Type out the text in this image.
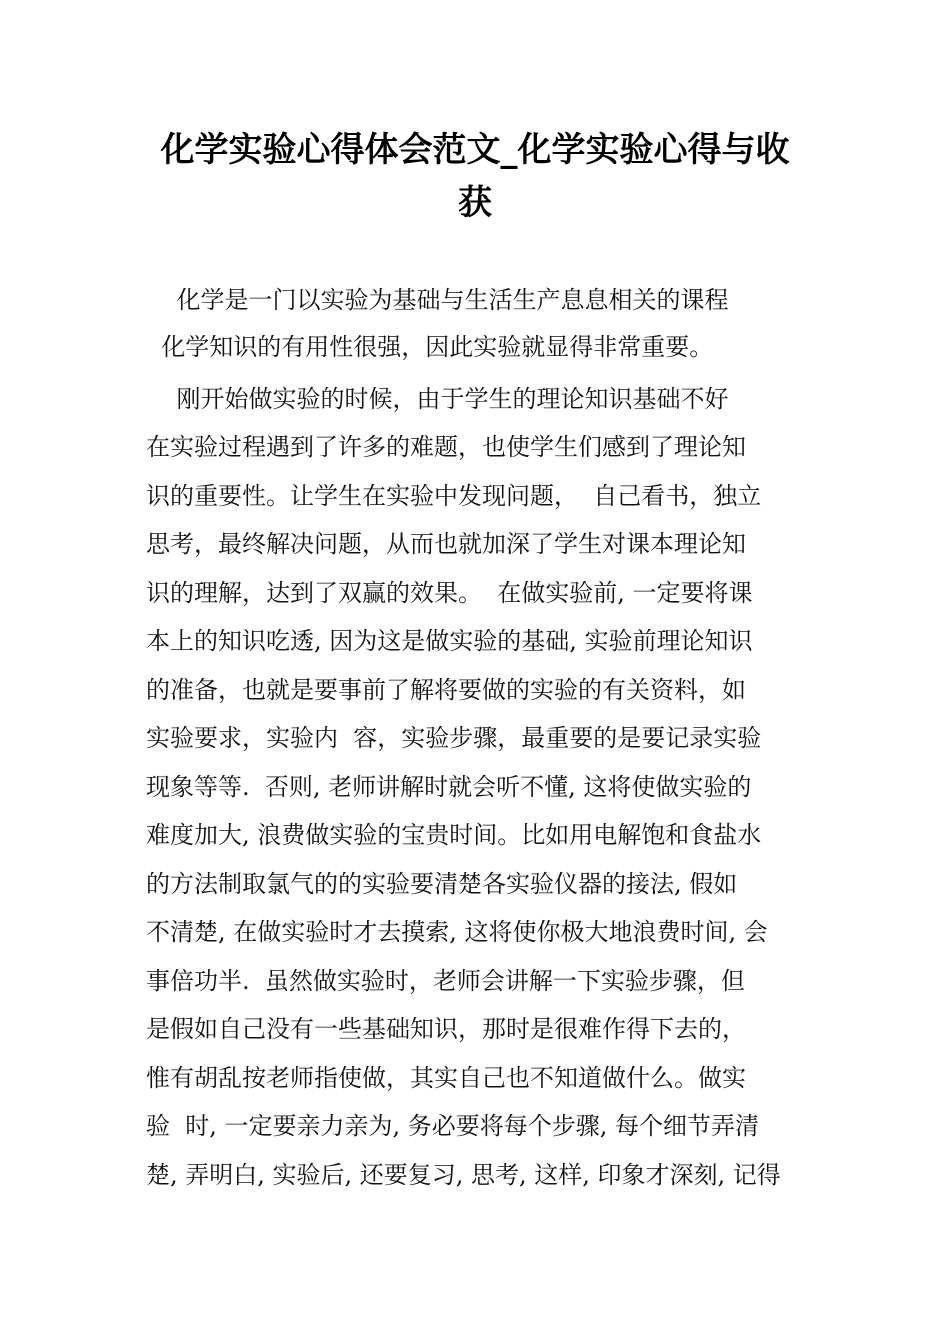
化学实验心得体会范文_化学实验心得与收
获
化学是一门以实验为基础与生活生产息息相关的课程
化学知识的有用性很强，因此实验就显得非常重要。
刚开始做实验的时候，由于学生的理论知识基础不好
在实验过程遇到了许多的难题，也使学生们感到了理论知
识的重要性。让学生在实验中发现问题，  自己看书，独立
思考，最终解决问题，从而也就加深了学生对课本理论知
识的理解，达到了双赢的效果。  在做实验前, 一定要将课
本上的知识吃透, 因为这是做实验的基础, 实验前理论知识
的准备，也就是要事前了解将要做的实验的有关资料，如
实验要求，实验内  容，实验步骤，最重要的是要记录实验
现象等等.  否则, 老师讲解时就会听不懂, 这将使做实验的
难度加大, 浪费做实验的宝贵时间。比如用电解饱和食盐水
的方法制取氯气的的实验要清楚各实验仪器的接法, 假如
不清楚, 在做实验时才去摸索, 这将使你极大地浪费时间, 会
事倍功半.  虽然做实验时，老师会讲解一下实验步骤，但
是假如自己没有一些基础知识，那时是很难作得下去的，
惟有胡乱按老师指使做，其实自己也不知道做什么。做实
验  时, 一定要亲力亲为, 务必要将每个步骤, 每个细节弄清
楚, 弄明白, 实验后, 还要复习, 思考, 这样, 印象才深刻, 记得
